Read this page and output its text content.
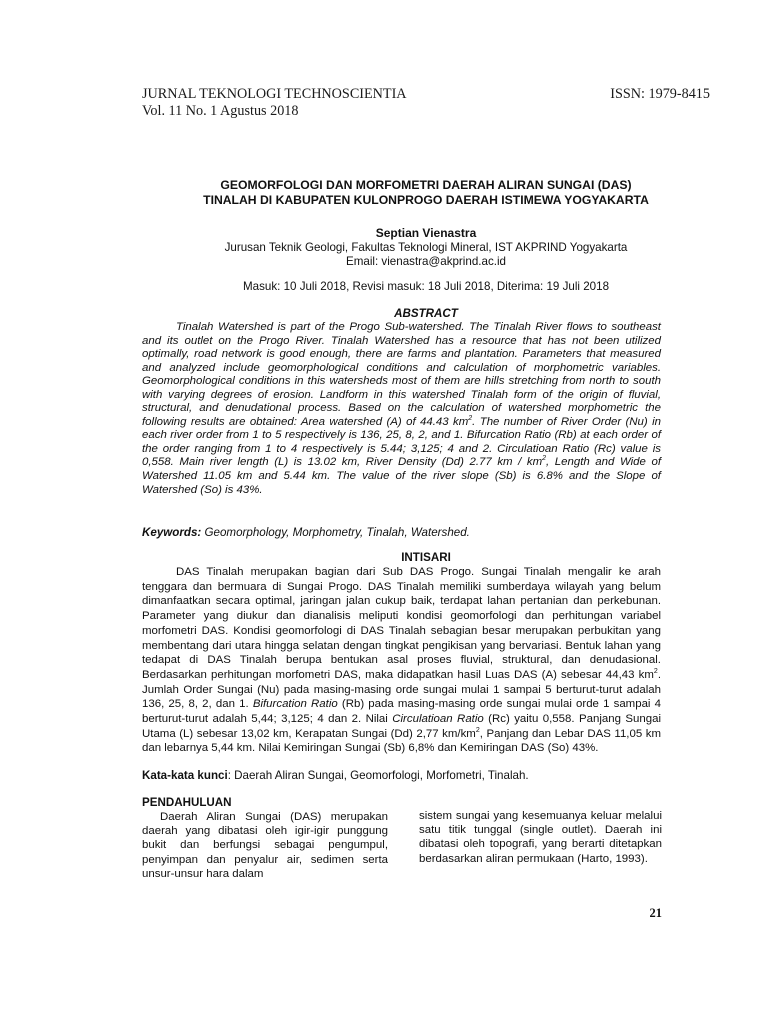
JURNAL TEKNOLOGI TECHNOSCIENTIA	ISSN: 1979-8415
Vol. 11 No. 1 Agustus 2018
GEOMORFOLOGI DAN MORFOMETRI DAERAH ALIRAN SUNGAI (DAS)
TINALAH DI KABUPATEN KULONPROGO DAERAH ISTIMEWA YOGYAKARTA
Septian Vienastra
Jurusan Teknik Geologi, Fakultas Teknologi Mineral, IST AKPRIND Yogyakarta
Email: vienastra@akprind.ac.id
Masuk: 10 Juli 2018, Revisi masuk: 18 Juli 2018, Diterima: 19 Juli 2018
ABSTRACT
Tinalah Watershed is part of the Progo Sub-watershed. The Tinalah River flows to southeast and its outlet on the Progo River. Tinalah Watershed has a resource that has not been utilized optimally, road network is good enough, there are farms and plantation. Parameters that measured and analyzed include geomorphological conditions and calculation of morphometric variables. Geomorphological conditions in this watersheds most of them are hills stretching from north to south with varying degrees of erosion. Landform in this watershed Tinalah form of the origin of fluvial, structural, and denudational process. Based on the calculation of watershed morphometric the following results are obtained: Area watershed (A) of 44.43 $km^2$. The number of River Order (Nu) in each river order from 1 to 5 respectively is 136, 25, 8, 2, and 1. Bifurcation Ratio (Rb) at each order of the order ranging from 1 to 4 respectively is 5.44; 3,125; 4 and 2. Circulatioan Ratio (Rc) value is 0,558. Main river length (L) is 13.02 km, River Density (Dd) 2.77 km / $km^2$, Length and Wide of Watershed 11.05 km and 5.44 km. The value of the river slope (Sb) is 6.8% and the Slope of Watershed (So) is 43%.
Keywords: Geomorphology, Morphometry, Tinalah, Watershed.
INTISARI
DAS Tinalah merupakan bagian dari Sub DAS Progo. Sungai Tinalah mengalir ke arah tenggara dan bermuara di Sungai Progo. DAS Tinalah memiliki sumberdaya wilayah yang belum dimanfaatkan secara optimal, jaringan jalan cukup baik, terdapat lahan pertanian dan perkebunan. Parameter yang diukur dan dianalisis meliputi kondisi geomorfologi dan perhitungan variabel morfometri DAS. Kondisi geomorfologi di DAS Tinalah sebagian besar merupakan perbukitan yang membentang dari utara hingga selatan dengan tingkat pengikisan yang bervariasi. Bentuk lahan yang tedapat di DAS Tinalah berupa bentukan asal proses fluvial, struktural, dan denudasional. Berdasarkan perhitungan morfometri DAS, maka didapatkan hasil Luas DAS (A) sebesar 44,43 $km^2$. Jumlah Order Sungai (Nu) pada masing-masing orde sungai mulai 1 sampai 5 berturut-turut adalah 136, 25, 8, 2, dan 1. Bifurcation Ratio (Rb) pada masing-masing orde sungai mulai orde 1 sampai 4 berturut-turut adalah 5,44; 3,125; 4 dan 2. Nilai Circulatioan Ratio (Rc) yaitu 0,558. Panjang Sungai Utama (L) sebesar 13,02 km, Kerapatan Sungai (Dd) 2,77 $km/km^2$, Panjang dan Lebar DAS 11,05 km dan lebarnya 5,44 km. Nilai Kemiringan Sungai (Sb) 6,8% dan Kemiringan DAS (So) 43%.
Kata-kata kunci: Daerah Aliran Sungai, Geomorfologi, Morfometri, Tinalah.
PENDAHULUAN
Daerah Aliran Sungai (DAS) merupakan daerah yang dibatasi oleh igir-igir punggung bukit dan berfungsi sebagai pengumpul, penyimpan dan penyalur air, sedimen serta unsur-unsur hara dalam
sistem sungai yang kesemuanya keluar melalui satu titik tunggal (single outlet). Daerah ini dibatasi oleh topografi, yang berarti ditetapkan berdasarkan aliran permukaan (Harto, 1993).
21
